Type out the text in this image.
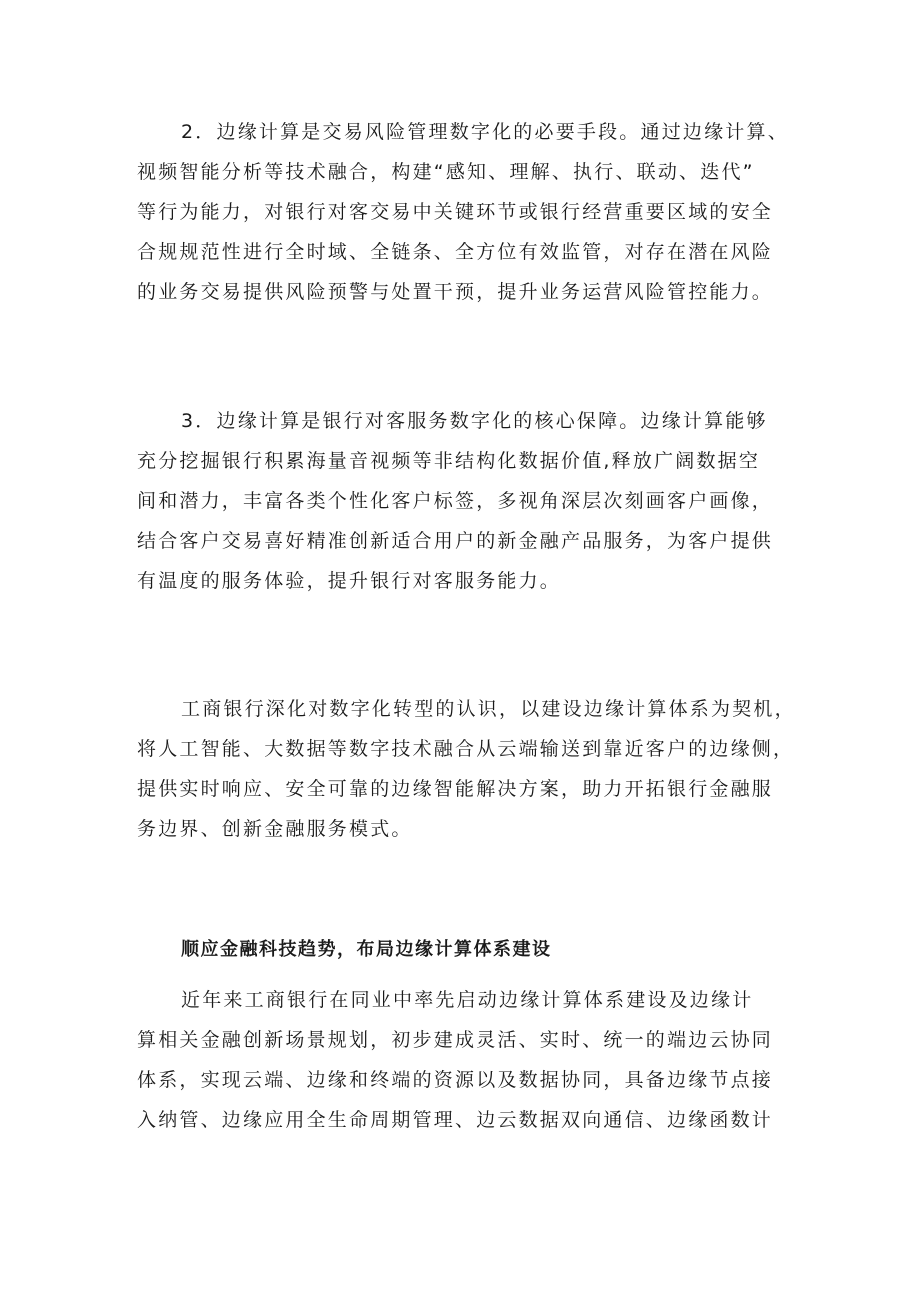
2．边缘计算是交易风险管理数字化的必要手段。通过边缘计算、
视频智能分析等技术融合，构建“感知、理解、执行、联动、迭代”
等行为能力，对银行对客交易中关键环节或银行经营重要区域的安全
合规规范性进行全时域、全链条、全方位有效监管，对存在潜在风险
的业务交易提供风险预警与处置干预，提升业务运营风险管控能力。
3．边缘计算是银行对客服务数字化的核心保障。边缘计算能够
充分挖掘银行积累海量音视频等非结构化数据价值,释放广阔数据空
间和潜力，丰富各类个性化客户标签，多视角深层次刻画客户画像，
结合客户交易喜好精准创新适合用户的新金融产品服务，为客户提供
有温度的服务体验，提升银行对客服务能力。
工商银行深化对数字化转型的认识，以建设边缘计算体系为契机，
将人工智能、大数据等数字技术融合从云端输送到靠近客户的边缘侧，
提供实时响应、安全可靠的边缘智能解决方案，助力开拓银行金融服
务边界、创新金融服务模式。
顺应金融科技趋势，布局边缘计算体系建设
近年来工商银行在同业中率先启动边缘计算体系建设及边缘计
算相关金融创新场景规划，初步建成灵活、实时、统一的端边云协同
体系，实现云端、边缘和终端的资源以及数据协同，具备边缘节点接
入纳管、边缘应用全生命周期管理、边云数据双向通信、边缘函数计
